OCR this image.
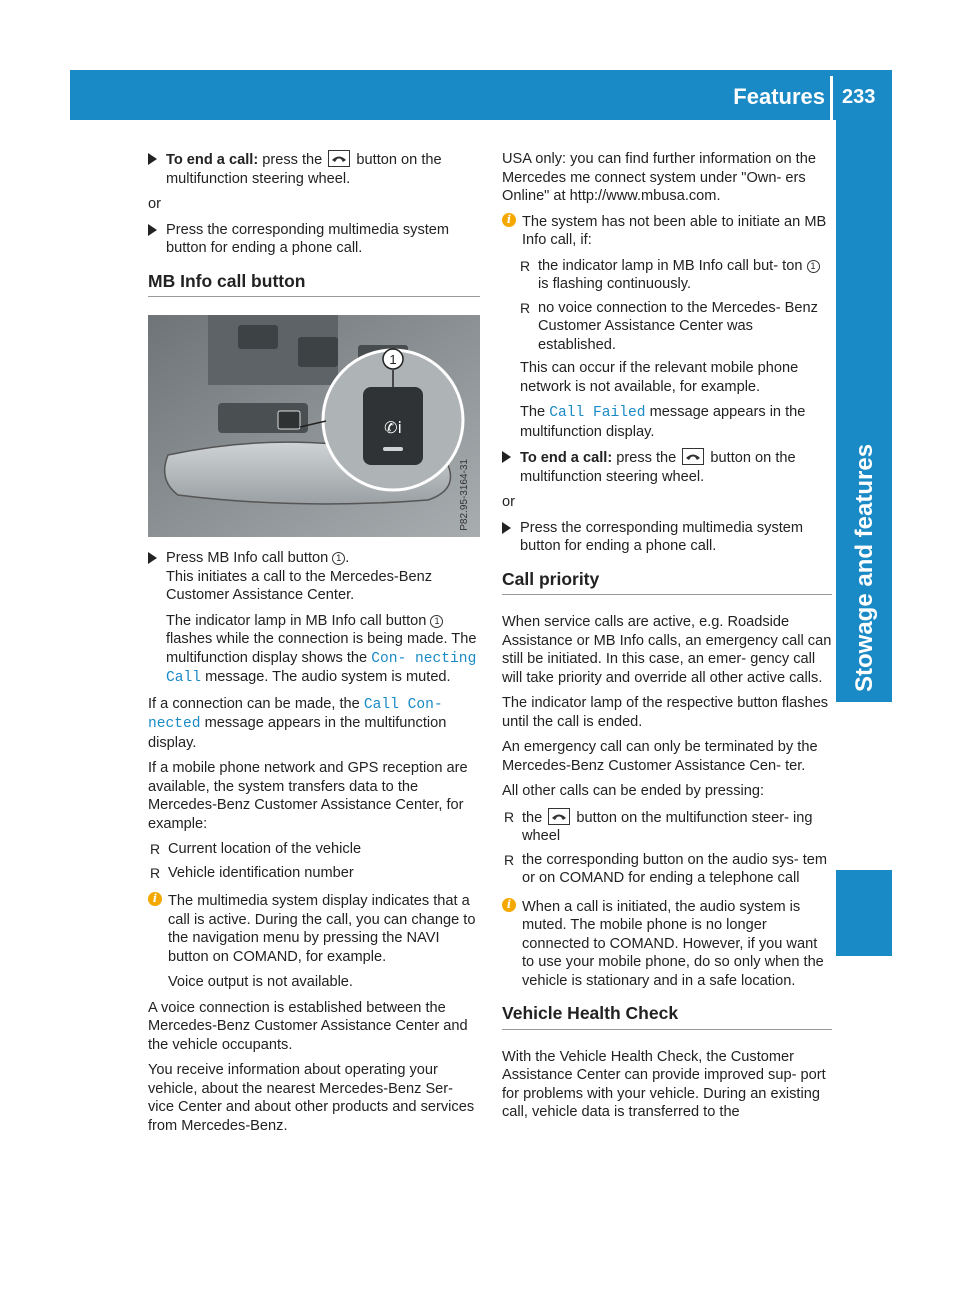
Features 233
Stowage and features
To end a call: press the button on the multifunction steering wheel.

or

Press the corresponding multimedia system button for ending a phone call.
MB Info call button
✆i
1
P82.95-3164-31
Press MB Info call button 1 .
This initiates a call to the Mercedes-Benz Customer Assistance Center.

The indicator lamp in MB Info call button 1 flashes while the connection is being made. The multifunction display shows the Con‐ necting Call message. The audio system is muted.

If a connection can be made, the Call Con‐ nected message appears in the multifunction display.

If a mobile phone network and GPS reception are available, the system transfers data to the Mercedes-Benz Customer Assistance Center, for example:

R Current location of the vehicle
R Vehicle identification number
i The multimedia system display indicates that a call is active. During the call, you can change to the navigation menu by pressing the NAVI button on COMAND, for example.

Voice output is not available.

A voice connection is established between the Mercedes-Benz Customer Assistance Center and the vehicle occupants.

You receive information about operating your vehicle, about the nearest Mercedes-Benz Ser- vice Center and about other products and services from Mercedes-Benz.

USA only: you can find further information on the Mercedes me connect system under "Own- ers Online" at http://www.mbusa.com.

i The system has not been able to initiate an MB Info call, if:
R the indicator lamp in MB Info call but- ton 1 is flashing continuously.
R no voice connection to the Mercedes- Benz Customer Assistance Center was established.

This can occur if the relevant mobile phone network is not available, for example.

The Call Failed message appears in the multifunction display.

To end a call: press the button on the multifunction steering wheel.

or

Press the corresponding multimedia system button for ending a phone call.
Call priority

When service calls are active, e.g. Roadside Assistance or MB Info calls, an emergency call can still be initiated. In this case, an emer- gency call will take priority and override all other active calls.

The indicator lamp of the respective button flashes until the call is ended.

An emergency call can only be terminated by the Mercedes-Benz Customer Assistance Cen- ter.

All other calls can be ended by pressing:

R the button on the multifunction steer- ing wheel
R the corresponding button on the audio sys- tem or on COMAND for ending a telephone call
i When a call is initiated, the audio system is muted. The mobile phone is no longer connected to COMAND. However, if you want to use your mobile phone, do so only when the vehicle is stationary and in a safe location.
Vehicle Health Check

With the Vehicle Health Check, the Customer Assistance Center can provide improved sup- port for problems with your vehicle. During an existing call, vehicle data is transferred to the
